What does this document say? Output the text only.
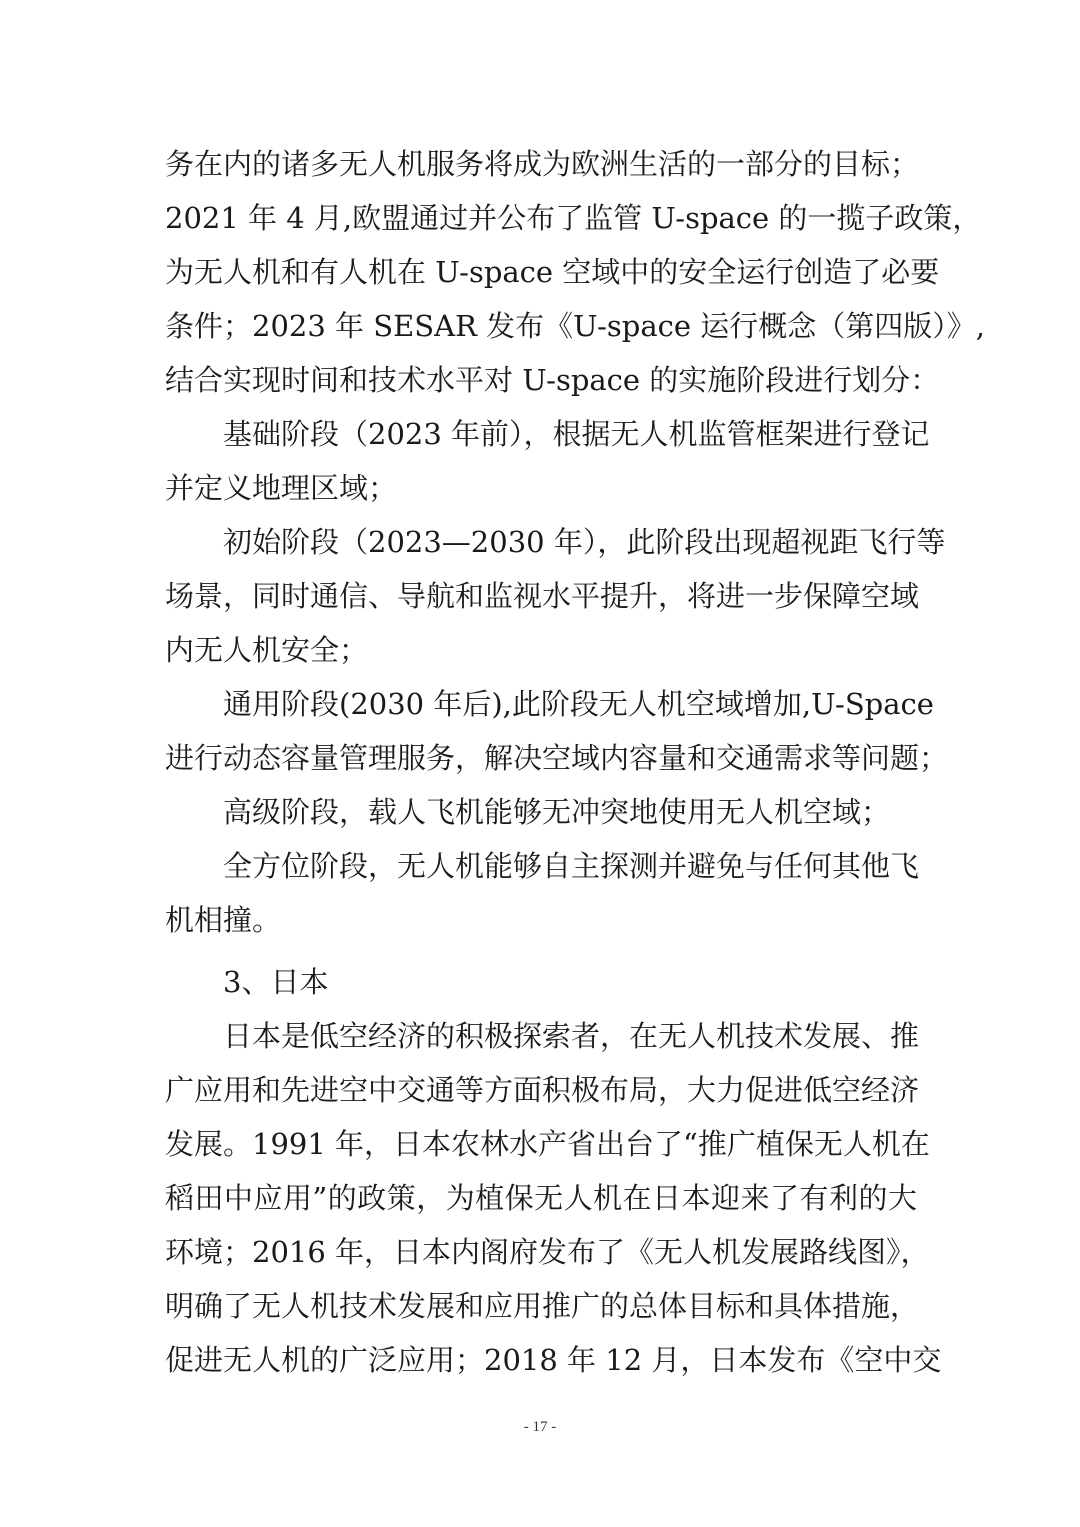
务在内的诸多无人机服务将成为欧洲生活的一部分的目标；
2021 年 4 月,欧盟通过并公布了监管 U-space 的一揽子政策，
为无人机和有人机在 U-space 空域中的安全运行创造了必要
条件；2023 年 SESAR 发布《U-space 运行概念（第四版）》,
结合实现时间和技术水平对 U-space 的实施阶段进行划分：
基础阶段（2023 年前），根据无人机监管框架进行登记
并定义地理区域；
初始阶段（2023—2030 年），此阶段出现超视距飞行等
场景，同时通信、导航和监视水平提升，将进一步保障空域
内无人机安全；
通用阶段(2030 年后),此阶段无人机空域增加,U-Space
进行动态容量管理服务，解决空域内容量和交通需求等问题；
高级阶段，载人飞机能够无冲突地使用无人机空域；
全方位阶段，无人机能够自主探测并避免与任何其他飞
机相撞。
3、日本
日本是低空经济的积极探索者，在无人机技术发展、推
广应用和先进空中交通等方面积极布局，大力促进低空经济
发展。1991 年，日本农林水产省出台了“推广植保无人机在
稻田中应用”的政策，为植保无人机在日本迎来了有利的大
环境；2016 年，日本内阁府发布了《无人机发展路线图》，
明确了无人机技术发展和应用推广的总体目标和具体措施，
促进无人机的广泛应用；2018 年 12 月，日本发布《空中交
- 17 -
